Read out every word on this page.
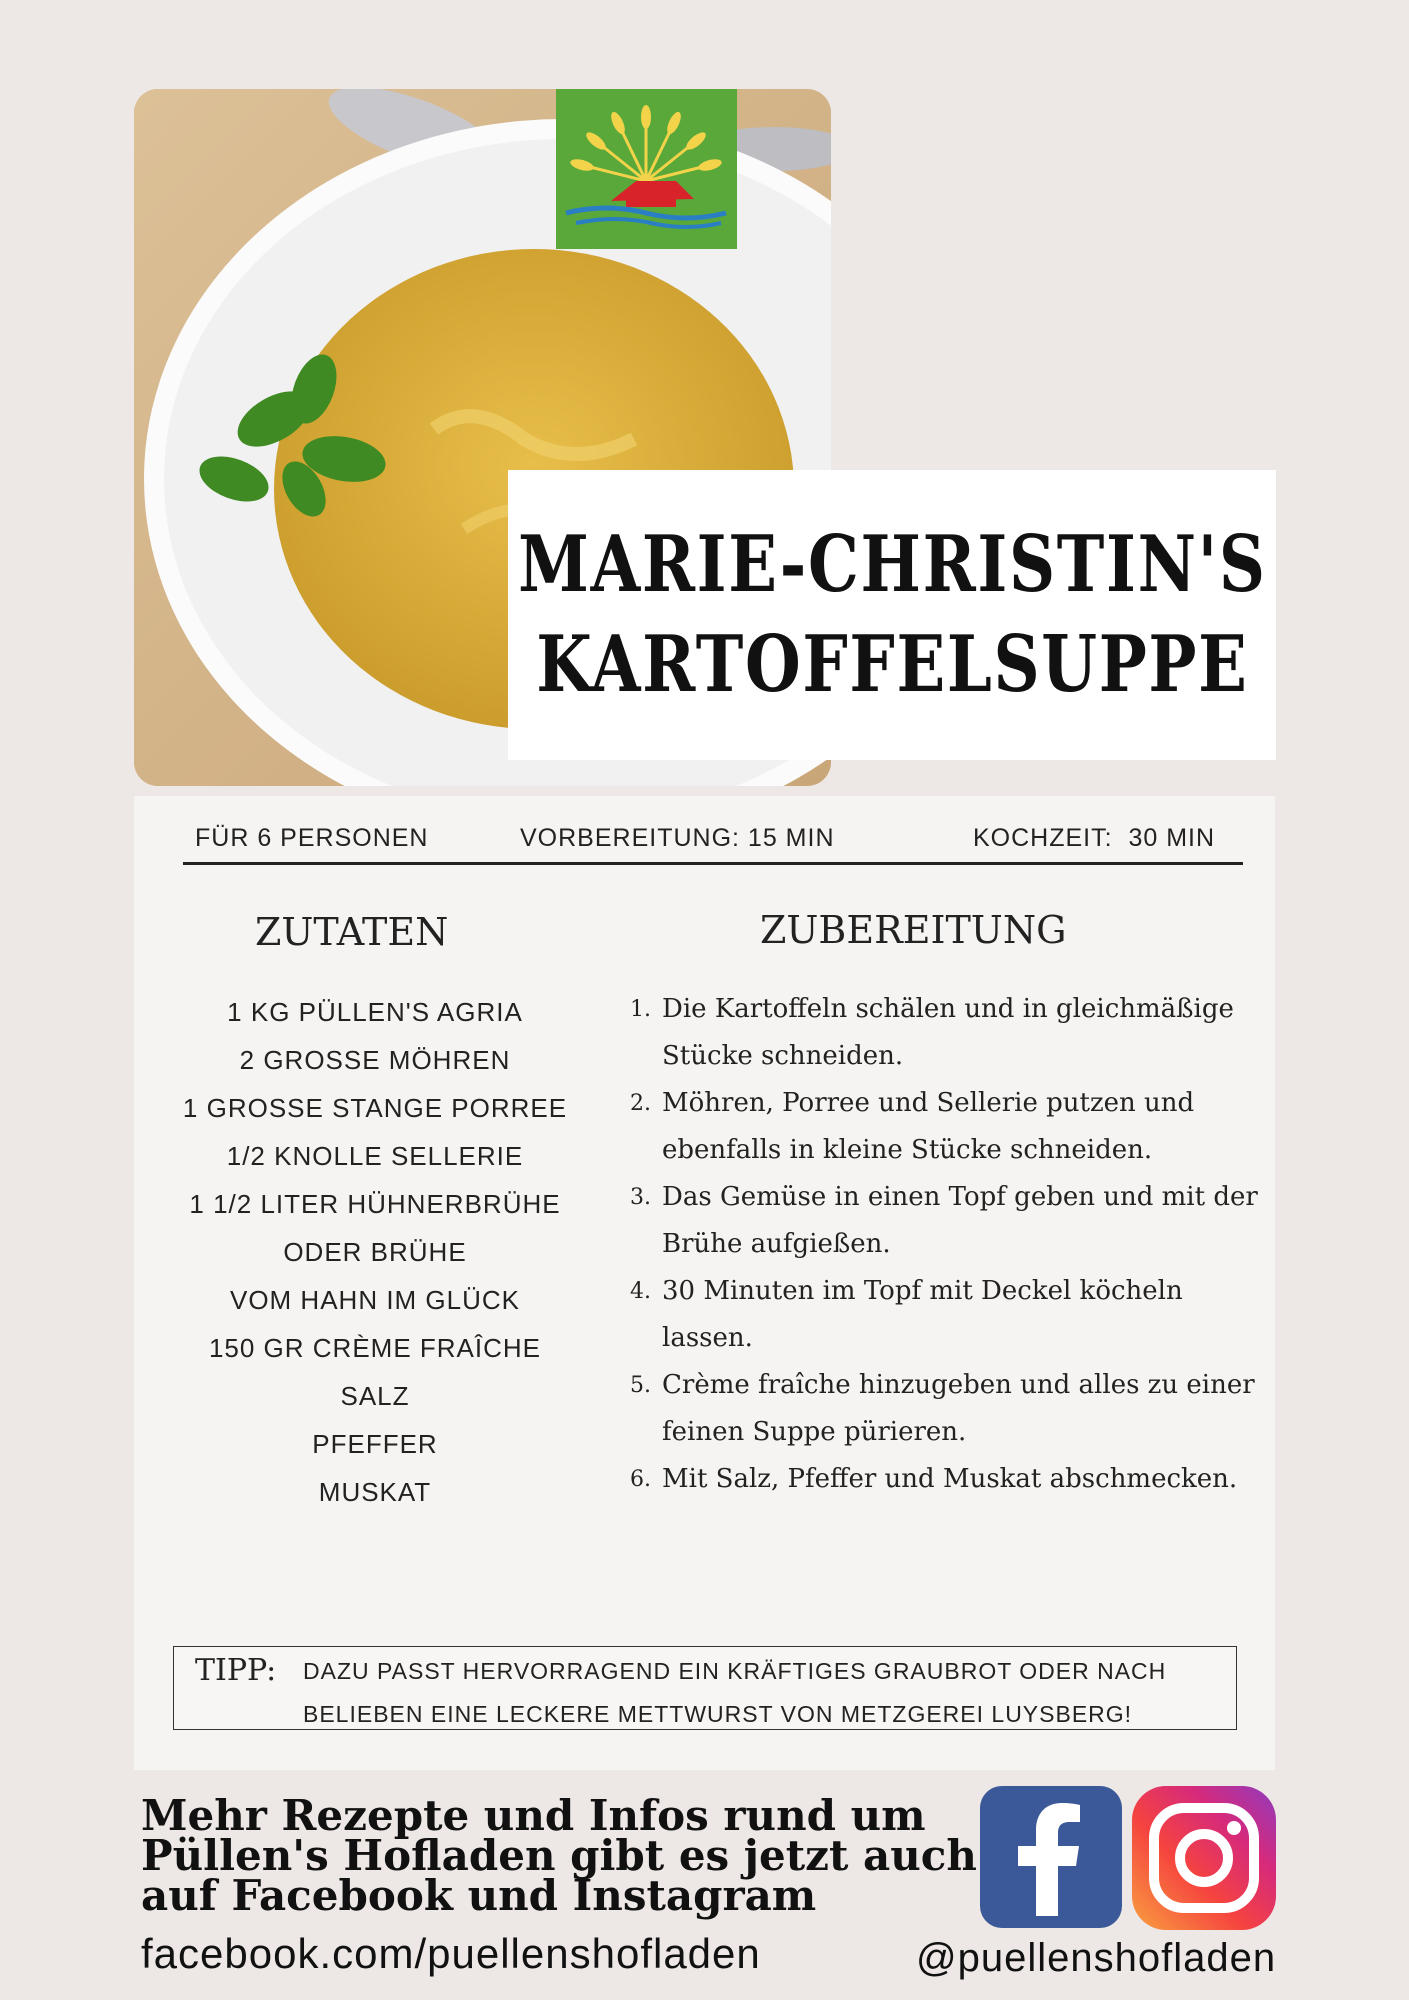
MARIE-CHRISTIN'S
KARTOFFELSUPPE
FÜR 6 PERSONEN	VORBEREITUNG: 15 MIN	KOCHZEIT:  30 MIN
ZUTATEN	ZUBEREITUNG
1 KG PÜLLEN'S AGRIA
2 GROSSE MÖHREN
1 GROSSE STANGE PORREE
1/2 KNOLLE SELLERIE
1 1/2 LITER HÜHNERBRÜHE
ODER BRÜHE
VOM HAHN IM GLÜCK
150 GR CRÈME FRAÎCHE
SALZ
PFEFFER
MUSKAT
1. Die Kartoffeln schälen und in gleichmäßige Stücke schneiden.
2. Möhren, Porree und Sellerie putzen und ebenfalls in kleine Stücke schneiden.
3. Das Gemüse in einen Topf geben und mit der Brühe aufgießen.
4. 30 Minuten im Topf mit Deckel köcheln lassen.
5. Crème fraîche hinzugeben und alles zu einer feinen Suppe pürieren.
6. Mit Salz, Pfeffer und Muskat abschmecken.
TIPP: DAZU PASST HERVORRAGEND EIN KRÄFTIGES GRAUBROT ODER NACH BELIEBEN EINE LECKERE METTWURST VON METZGEREI LUYSBERG!
Mehr Rezepte und Infos rund um Püllen's Hofladen gibt es jetzt auch auf Facebook und Instagram
facebook.com/puellenshofladen	@puellenshofladen
